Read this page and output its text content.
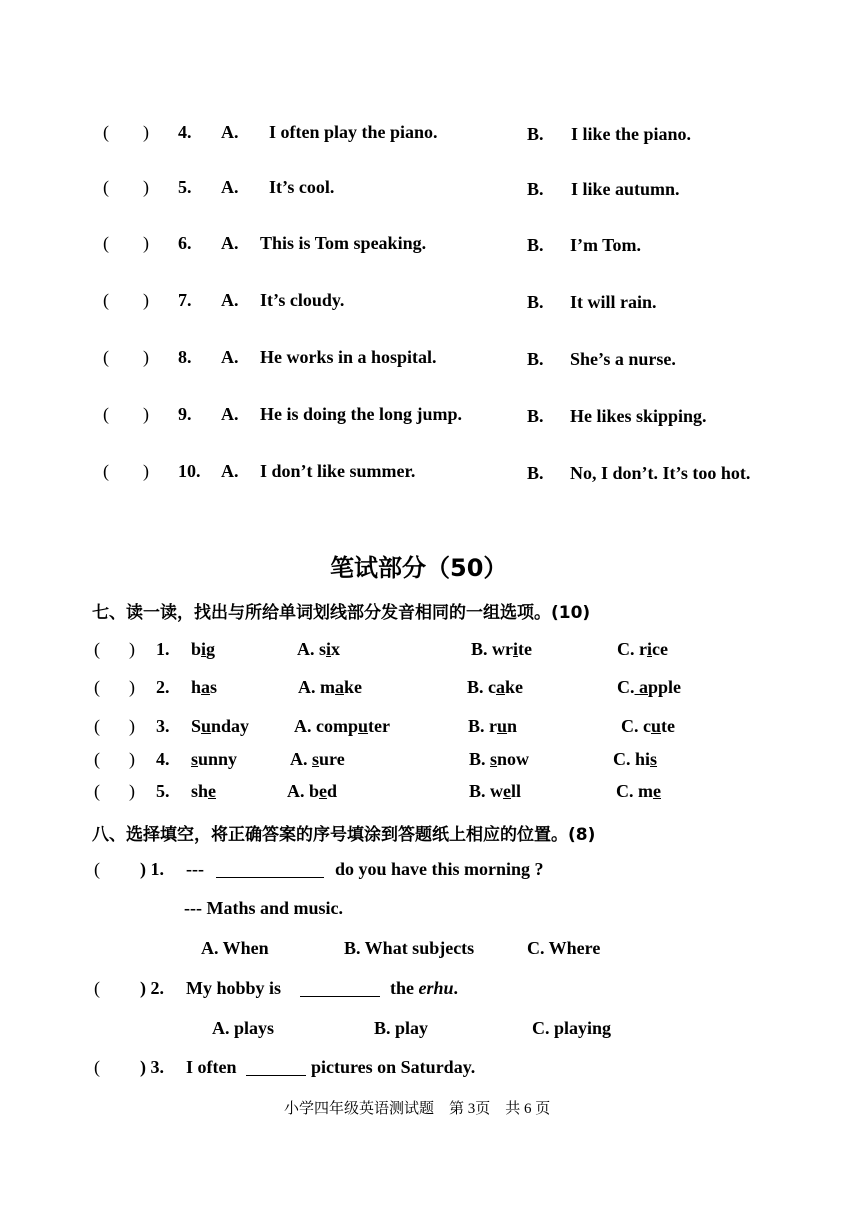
( ) 4. A. I often play the piano.	B. I like the piano.
( ) 5. A. It’s cool.	B. I like autumn.
( ) 6. A. This is Tom speaking.	B. I’m Tom.
( ) 7. A. It’s cloudy.	B. It will rain.
( ) 8. A. He works in a hospital.	B. She’s a nurse.
( ) 9. A. He is doing the long jump.	B. He likes skipping.
( ) 10. A. I don’t like summer.	B. No, I don’t. It’s too hot.
笔试部分（50）
七、读一读，找出与所给单词划线部分发音相同的一组选项。(10)
( ) 1. big	A. six	B. write	C. rice
( ) 2. has	A. make	B. cake	C. apple
( ) 3. Sunday A. computer	B. run	C. cute
( ) 4. sunny	A. sure	B. snow	C. his
( ) 5. she	A. bed	B. well	C. me
八、选择填空，将正确答案的序号填涂到答题纸上相应的位置。(8)
( ) 1. ---	do you have this morning ?
--- Maths and music.
A. When	B. What subjects	C. Where
( ) 2. My hobby is	the erhu.
A. plays	B. play	C. playing
( ) 3. I often	pictures on Saturday.
小学四年级英语测试题　第 3页　共 6 页
